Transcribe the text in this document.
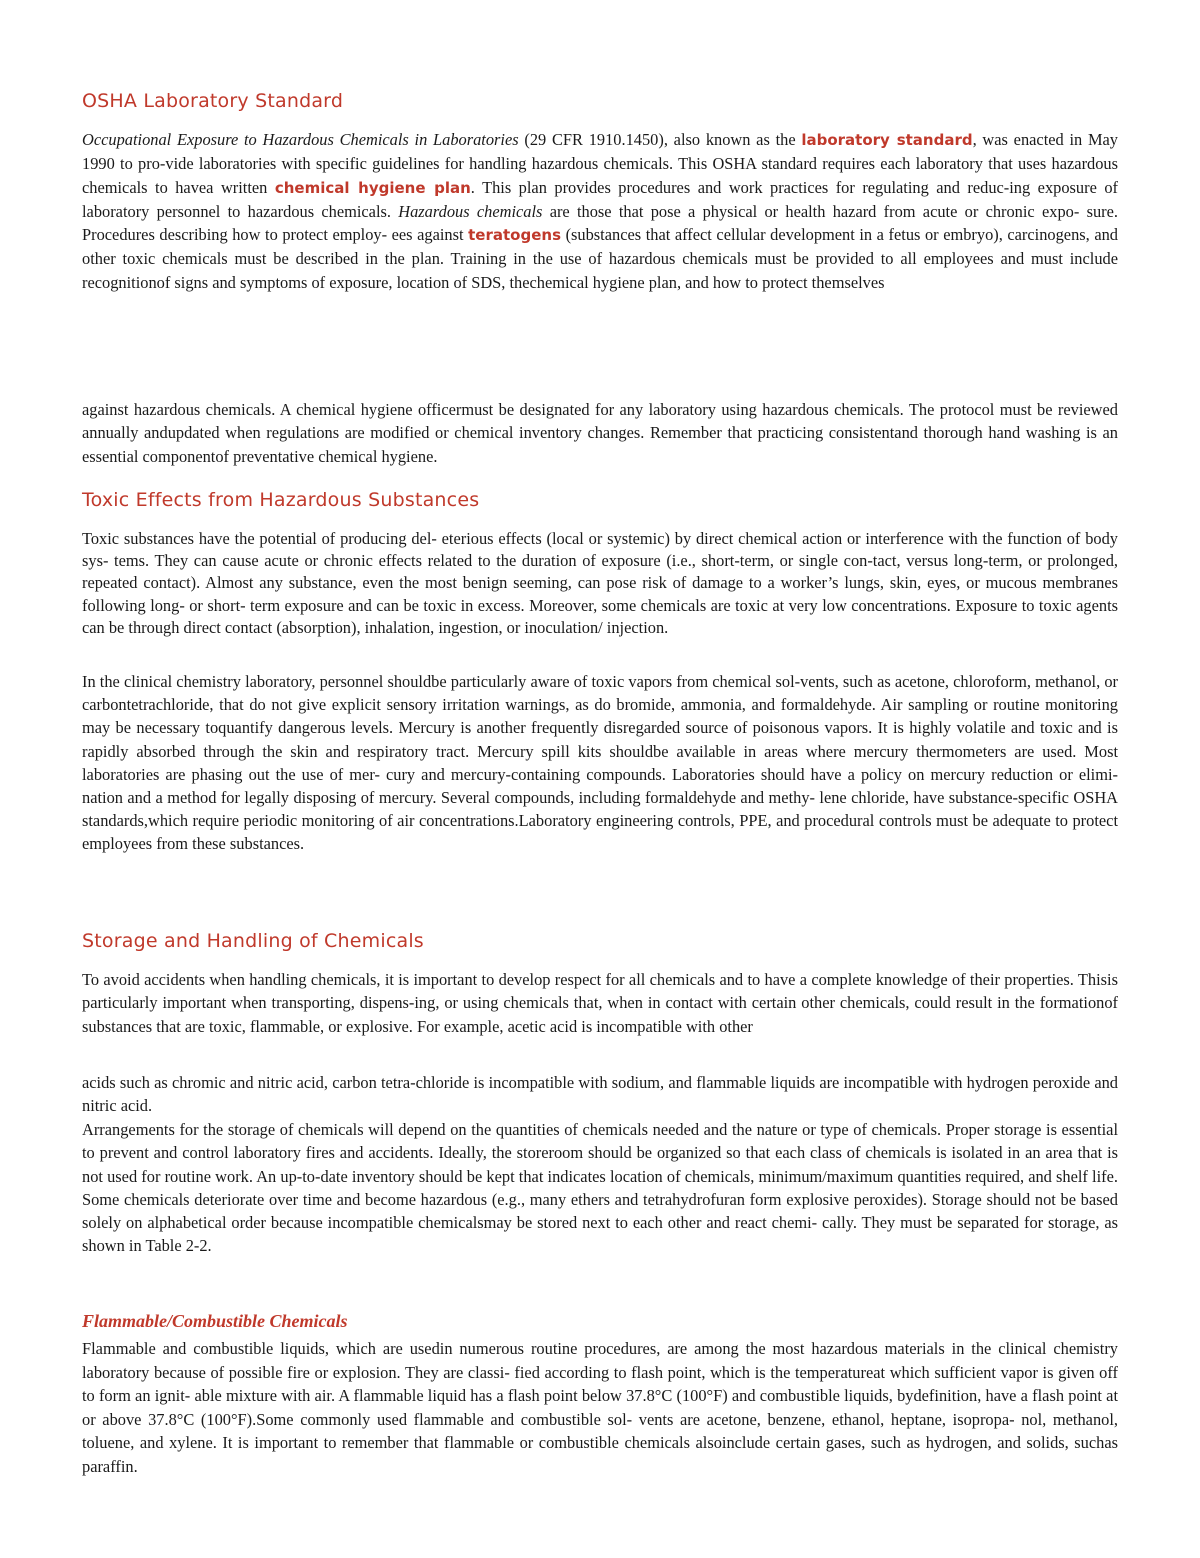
OSHA Laboratory Standard

Occupational Exposure to Hazardous Chemicals in Laboratories (29 CFR 1910.1450), also known as the laboratory standard, was enacted in May 1990 to pro-vide laboratories with specific guidelines for handling hazardous chemicals. This OSHA standard requires each laboratory that uses hazardous chemicals to havea written chemical hygiene plan. This plan provides procedures and work practices for regulating and reduc-ing exposure of laboratory personnel to hazardous chemicals. Hazardous chemicals are those that pose a physical or health hazard from acute or chronic expo- sure. Procedures describing how to protect employ- ees against teratogens (substances that affect cellular development in a fetus or embryo), carcinogens, and other toxic chemicals must be described in the plan. Training in the use of hazardous chemicals must be provided to all employees and must include recognitionof signs and symptoms of exposure, location of SDS, thechemical hygiene plan, and how to protect themselves

against hazardous chemicals. A chemical hygiene officermust be designated for any laboratory using hazardous chemicals. The protocol must be reviewed annually andupdated when regulations are modified or chemical inventory changes. Remember that practicing consistentand thorough hand washing is an essential componentof preventative chemical hygiene.

Toxic Effects from Hazardous Substances

Toxic substances have the potential of producing del- eterious effects (local or systemic) by direct chemical action or interference with the function of body sys- tems. They can cause acute or chronic effects related to the duration of exposure (i.e., short-term, or single con-tact, versus long-term, or prolonged, repeated contact). Almost any substance, even the most benign seeming, can pose risk of damage to a worker’s lungs, skin, eyes, or mucous membranes following long- or short- term exposure and can be toxic in excess. Moreover, some chemicals are toxic at very low concentrations. Exposure to toxic agents can be through direct contact (absorption), inhalation, ingestion, or inoculation/ injection.

In the clinical chemistry laboratory, personnel shouldbe particularly aware of toxic vapors from chemical sol-vents, such as acetone, chloroform, methanol, or carbontetrachloride, that do not give explicit sensory irritation warnings, as do bromide, ammonia, and formaldehyde. Air sampling or routine monitoring may be necessary toquantify dangerous levels. Mercury is another frequently disregarded source of poisonous vapors. It is highly volatile and toxic and is rapidly absorbed through the skin and respiratory tract. Mercury spill kits shouldbe available in areas where mercury thermometers are used. Most laboratories are phasing out the use of mer- cury and mercury-containing compounds. Laboratories should have a policy on mercury reduction or elimi- nation and a method for legally disposing of mercury. Several compounds, including formaldehyde and methy- lene chloride, have substance-specific OSHA standards,which require periodic monitoring of air concentrations.Laboratory engineering controls, PPE, and procedural controls must be adequate to protect employees from these substances.

Storage and Handling of Chemicals

To avoid accidents when handling chemicals, it is important to develop respect for all chemicals and to have a complete knowledge of their properties. Thisis particularly important when transporting, dispens-ing, or using chemicals that, when in contact with certain other chemicals, could result in the formationof substances that are toxic, flammable, or explosive. For example, acetic acid is incompatible with other

acids such as chromic and nitric acid, carbon tetra-chloride is incompatible with sodium, and flammable liquids are incompatible with hydrogen peroxide and nitric acid.

Arrangements for the storage of chemicals will depend on the quantities of chemicals needed and the nature or type of chemicals. Proper storage is essential to prevent and control laboratory fires and accidents. Ideally, the storeroom should be organized so that each class of chemicals is isolated in an area that is not used for routine work. An up-to-date inventory should be kept that indicates location of chemicals, minimum/maximum quantities required, and shelf life. Some chemicals deteriorate over time and become hazardous (e.g., many ethers and tetrahydrofuran form explosive peroxides). Storage should not be based solely on alphabetical order because incompatible chemicalsmay be stored next to each other and react chemi- cally. They must be separated for storage, as shown in Table 2-2.

Flammable/Combustible Chemicals

Flammable and combustible liquids, which are usedin numerous routine procedures, are among the most hazardous materials in the clinical chemistry laboratory because of possible fire or explosion. They are classi- fied according to flash point, which is the temperatureat which sufficient vapor is given off to form an ignit- able mixture with air. A flammable liquid has a flash point below 37.8°C (100°F) and combustible liquids, bydefinition, have a flash point at or above 37.8°C (100°F).Some commonly used flammable and combustible sol- vents are acetone, benzene, ethanol, heptane, isopropa- nol, methanol, toluene, and xylene. It is important to remember that flammable or combustible chemicals alsoinclude certain gases, such as hydrogen, and solids, suchas paraffin.
